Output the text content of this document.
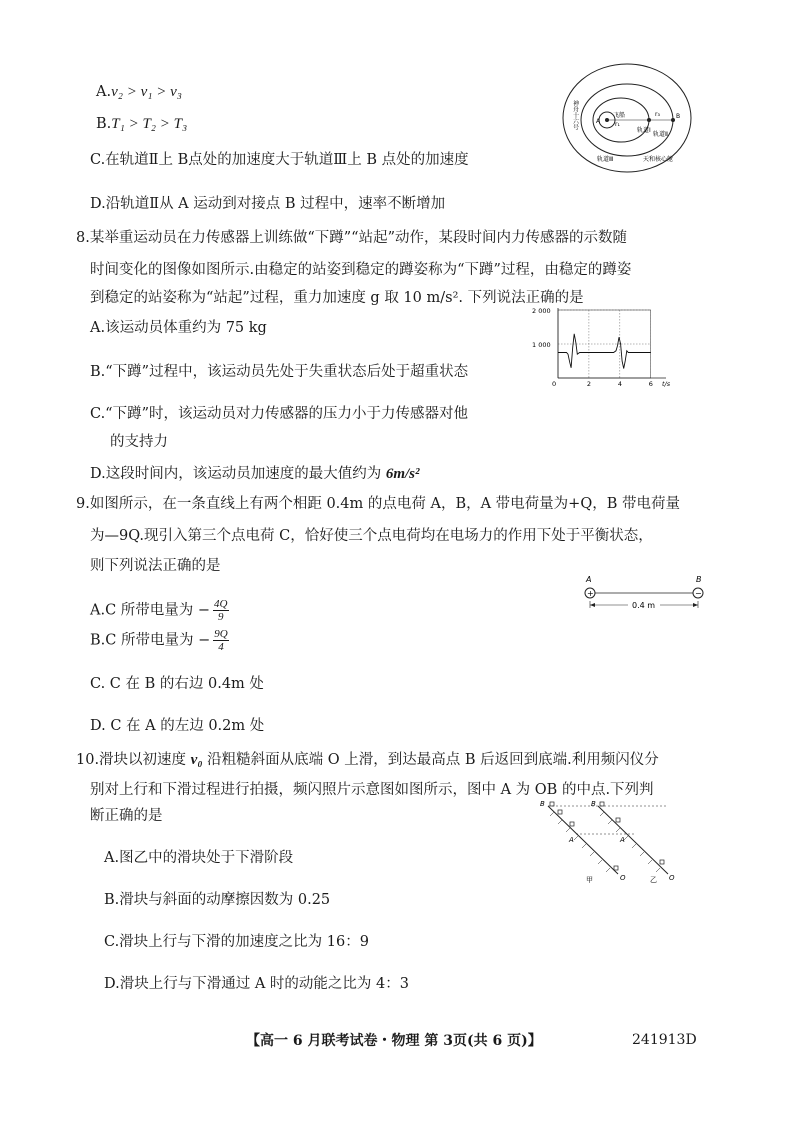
A.v₂ > v₁ > v₃
B.T₁ > T₂ > T₃
C.在轨道Ⅱ上 B点处的加速度大于轨道Ⅲ上 B 点处的加速度
D.沿轨道Ⅱ从 A 运动到对接点 B 过程中，速率不断增加
神舟十六号	飞船
r₁
r₃
轨道Ⅰ
轨道Ⅱ
轨道Ⅲ	天和核心舱
A
B
8.某举重运动员在力传感器上训练做“下蹲”“站起”动作，某段时间内力传感器的示数随
时间变化的图像如图所示.由稳定的站姿到稳定的蹲姿称为“下蹲”过程，由稳定的蹲姿
到稳定的站姿称为“站起”过程，重力加速度 g 取 10 m/s². 下列说法正确的是
A.该运动员体重约为 75 kg
B.“下蹲”过程中，该运动员先处于失重状态后处于超重状态
C.“下蹲”时，该运动员对力传感器的压力小于力传感器对他
的支持力
D.这段时间内，该运动员加速度的最大值约为 6m/s²
1 000
2 000
2	4	6
0	t/s
9.如图所示，在一条直线上有两个相距 0.4m 的点电荷 A，B，A 带电荷量为+Q，B 带电荷量
为—9Q.现引入第三个点电荷 C，恰好使三个点电荷均在电场力的作用下处于平衡状态，
则下列说法正确的是
A.C 所带电量为 − $\frac{4Q}{9}$
B.C 所带电量为 − $\frac{9Q}{4}$
C. C 在 B 的右边 0.4m 处
D. C 在 A 的左边 0.2m 处
A	B
+	−
0.4 m
10.滑块以初速度 v₀ 沿粗糙斜面从底端 O 上滑，到达最高点 B 后返回到底端.利用频闪仪分
别对上行和下滑过程进行拍摄，频闪照片示意图如图所示，图中 A 为 OB 的中点.下列判
断正确的是
A.图乙中的滑块处于下滑阶段
B.滑块与斜面的动摩擦因数为 0.25
C.滑块上行与下滑的加速度之比为 16：9
D.滑块上行与下滑通过 A 时的动能之比为 4：3
B	B
A	A
O	O
甲	乙
【高一 6 月联考试卷・物理 第 3页(共 6 页)】	241913D
